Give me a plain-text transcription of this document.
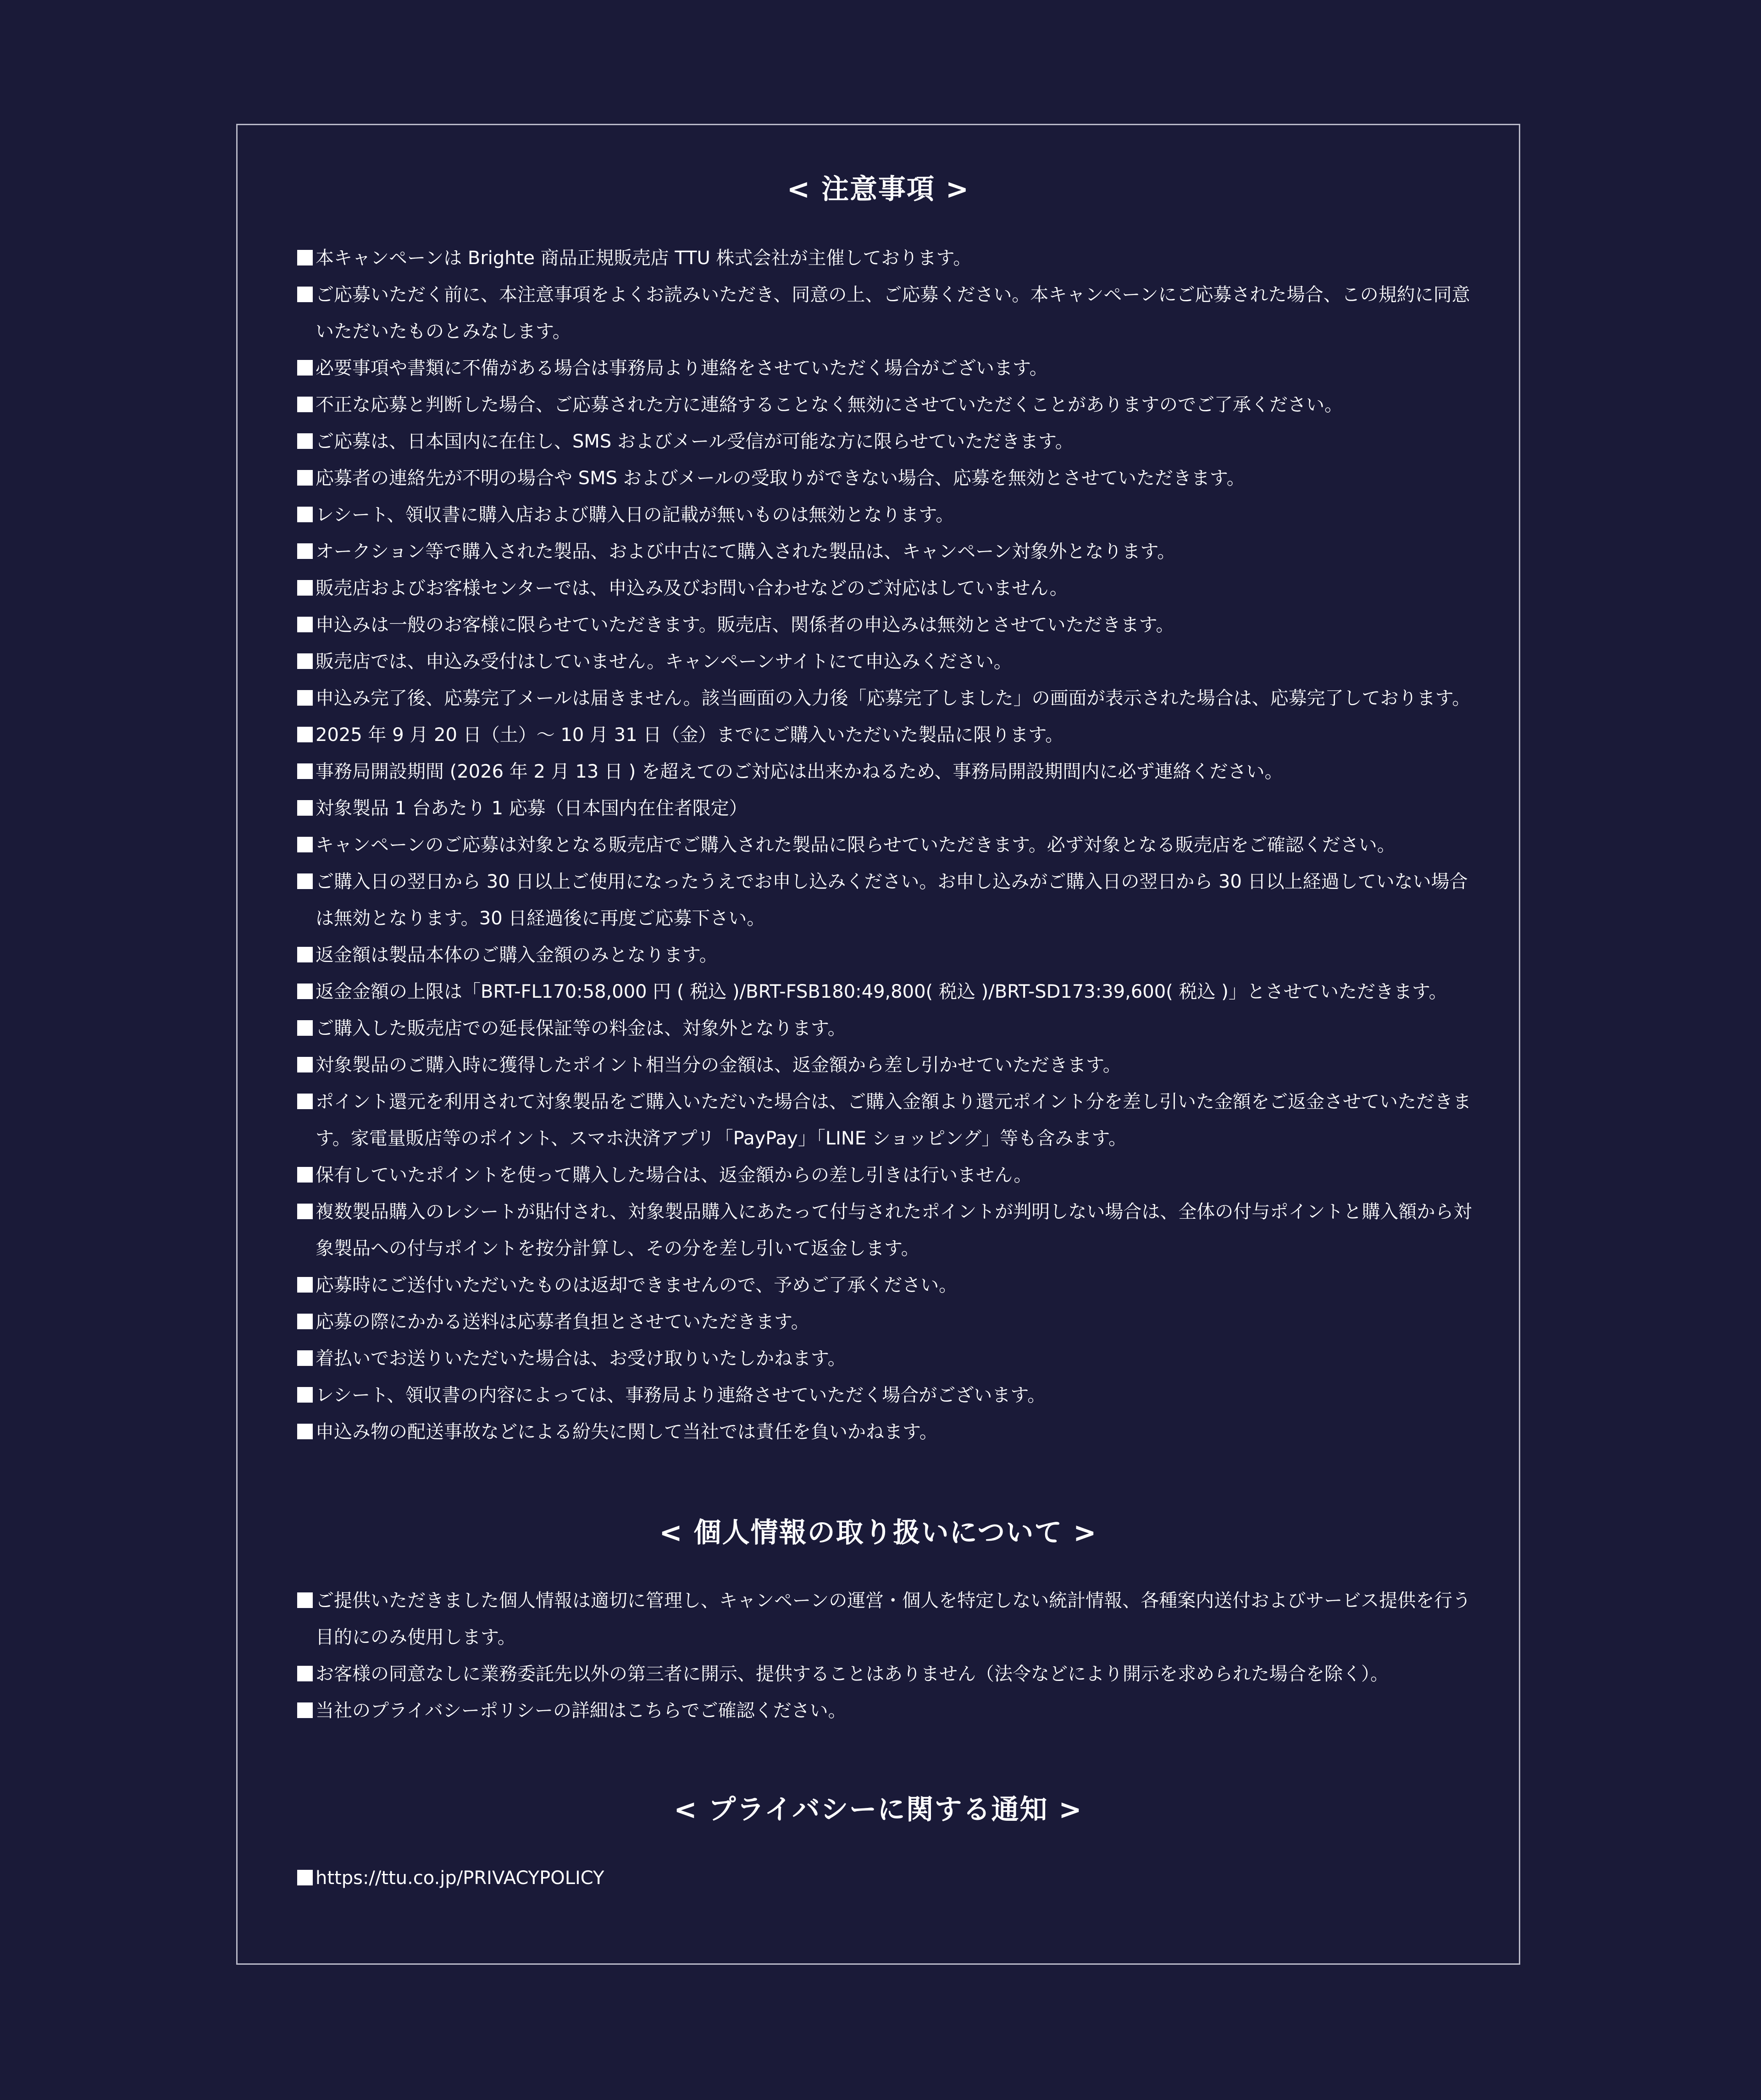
< 注意事項 >
本キャンペーンは Brighte 商品正規販売店 TTU 株式会社が主催しております。
ご応募いただく前に、本注意事項をよくお読みいただき、同意の上、ご応募ください。本キャンペーンにご応募された場合、この規約に同意いただいたものとみなします。
必要事項や書類に不備がある場合は事務局より連絡をさせていただく場合がございます。
不正な応募と判断した場合、ご応募された方に連絡することなく無効にさせていただくことがありますのでご了承ください。
ご応募は、日本国内に在住し、SMS およびメール受信が可能な方に限らせていただきます。
応募者の連絡先が不明の場合や SMS およびメールの受取りができない場合、応募を無効とさせていただきます。
レシート、領収書に購入店および購入日の記載が無いものは無効となります。
オークション等で購入された製品、および中古にて購入された製品は、キャンペーン対象外となります。
販売店およびお客様センターでは、申込み及びお問い合わせなどのご対応はしていません。
申込みは一般のお客様に限らせていただきます。販売店、関係者の申込みは無効とさせていただきます。
販売店では、申込み受付はしていません。キャンペーンサイトにて申込みください。
申込み完了後、応募完了メールは届きません。該当画面の入力後「応募完了しました」の画面が表示された場合は、応募完了しております。
2025 年 9 月 20 日（土）〜 10 月 31 日（金）までにご購入いただいた製品に限ります。
事務局開設期間 (2026 年 2 月 13 日 ) を超えてのご対応は出来かねるため、事務局開設期間内に必ず連絡ください。
対象製品 1 台あたり 1 応募（日本国内在住者限定）
キャンペーンのご応募は対象となる販売店でご購入された製品に限らせていただきます。必ず対象となる販売店をご確認ください。
ご購入日の翌日から 30 日以上ご使用になったうえでお申し込みください。お申し込みがご購入日の翌日から 30 日以上経過していない場合は無効となります。30 日経過後に再度ご応募下さい。
返金額は製品本体のご購入金額のみとなります。
返金金額の上限は「BRT-FL170:58,000 円 ( 税込 )/BRT-FSB180:49,800( 税込 )/BRT-SD173:39,600( 税込 )」とさせていただきます。
ご購入した販売店での延長保証等の料金は、対象外となります。
対象製品のご購入時に獲得したポイント相当分の金額は、返金額から差し引かせていただきます。
ポイント還元を利用されて対象製品をご購入いただいた場合は、ご購入金額より還元ポイント分を差し引いた金額をご返金させていただきます。家電量販店等のポイント、スマホ決済アプリ「PayPay」「LINE ショッピング」等も含みます。
保有していたポイントを使って購入した場合は、返金額からの差し引きは行いません。
複数製品購入のレシートが貼付され、対象製品購入にあたって付与されたポイントが判明しない場合は、全体の付与ポイントと購入額から対象製品への付与ポイントを按分計算し、その分を差し引いて返金します。
応募時にご送付いただいたものは返却できませんので、予めご了承ください。
応募の際にかかる送料は応募者負担とさせていただきます。
着払いでお送りいただいた場合は、お受け取りいたしかねます。
レシート、領収書の内容によっては、事務局より連絡させていただく場合がございます。
申込み物の配送事故などによる紛失に関して当社では責任を負いかねます。
< 個人情報の取り扱いについて >
ご提供いただきました個人情報は適切に管理し、キャンペーンの運営・個人を特定しない統計情報、各種案内送付およびサービス提供を行う目的にのみ使用します。
お客様の同意なしに業務委託先以外の第三者に開示、提供することはありません（法令などにより開示を求められた場合を除く）。
当社のプライバシーポリシーの詳細はこちらでご確認ください。
< プライバシーに関する通知 >
https://ttu.co.jp/PRIVACYPOLICY
